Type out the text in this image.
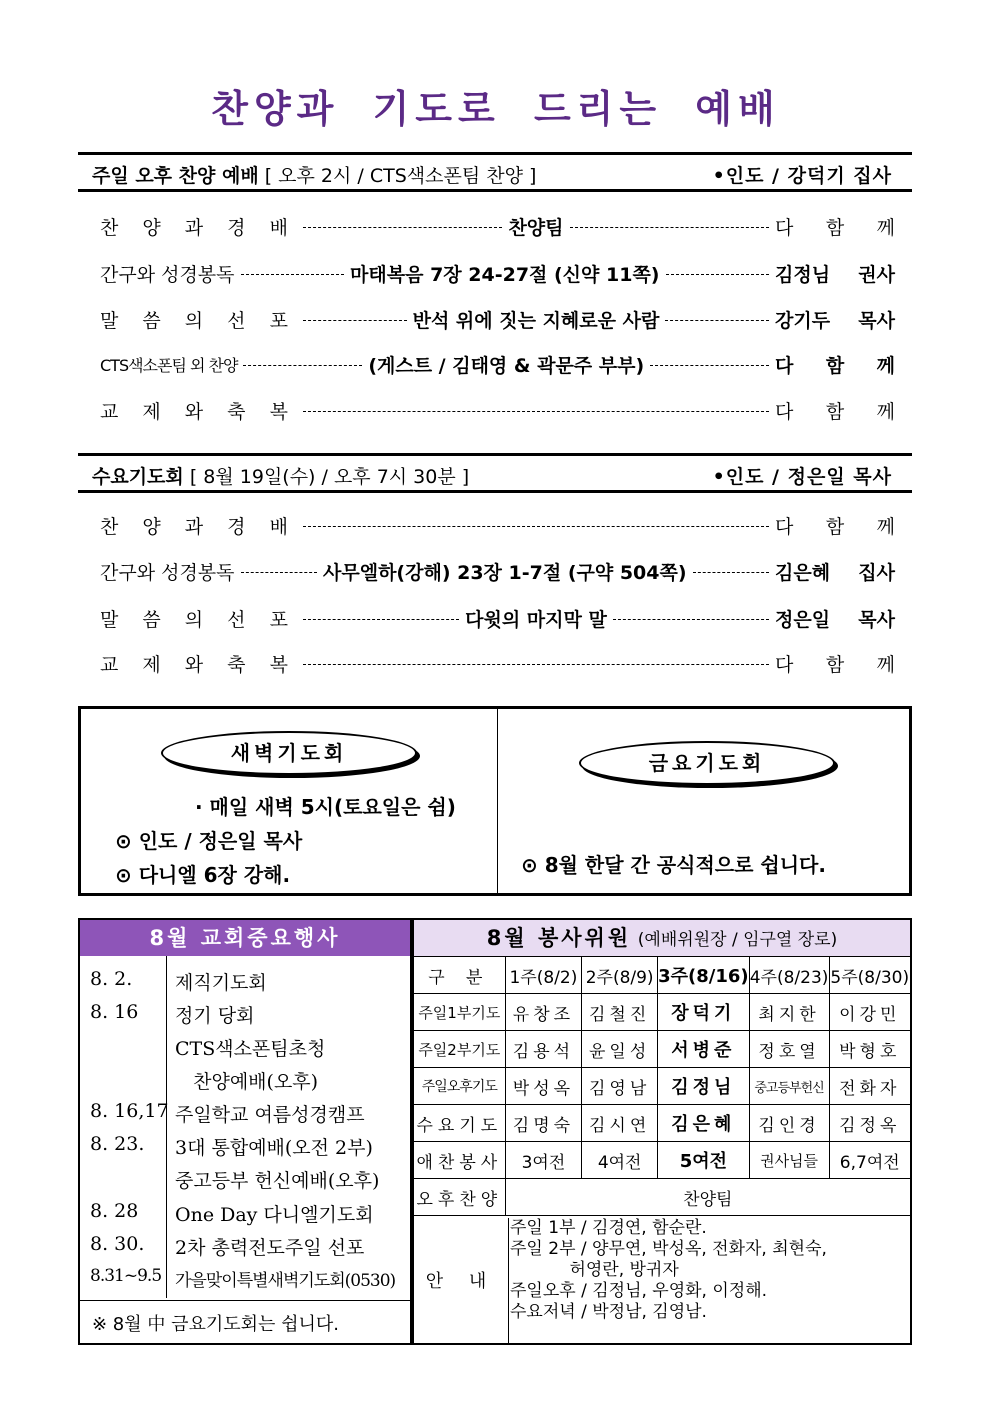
찬양과 기도로 드리는 예배
주일 오후 찬양 예배 [ 오후 2시 / CTS색소폰팀 찬양 ]	•인도 / 강덕기 집사
찬 양 과 경 배	찬양팀	다 함 께
간구와 성경봉독	마태복음 7장 24-27절 (신약 11쪽)	김정님 권사
말 씀 의 선 포	반석 위에 짓는 지혜로운 사람	강기두 목사
CTS색소폰팀 외 찬양	(게스트 / 김태영 & 곽문주 부부)	다 함 께
교 제 와 축 복	다 함 께
수요기도회 [ 8월 19일(수) / 오후 7시 30분 ]	•인도 / 정은일 목사
찬 양 과 경 배	다 함 께
간구와 성경봉독	사무엘하(강해) 23장 1-7절 (구약 504쪽)	김은혜 집사
말 씀 의 선 포	다윗의 마지막 말	정은일 목사
교 제 와 축 복	다 함 께
새벽기도회
· 매일 새벽 5시(토요일은 쉼)
⊙ 인도 / 정은일 목사
⊙ 다니엘 6장 강해.
금요기도회
⊙ 8월 한달 간 공식적으로 쉽니다.
8월 교회중요행사
8. 2. 제직기도회
8. 16 정기 당회
CTS색소폰팀초청
찬양예배(오후)
8. 16,17 주일학교 여름성경캠프
8. 23. 3대 통합예배(오전 2부)
중고등부 헌신예배(오후)
8. 28 One Day 다니엘기도회
8. 30. 2차 총력전도주일 선포
8.31~9.5 가을맞이특별새벽기도회(0530)
※ 8월 中 금요기도회는 쉽니다.
8월 봉사위원 (예배위원장 / 임구열 장로)
구 분	1주(8/2)	2주(8/9)	3주(8/16)	4주(8/23)	5주(8/30)
주일1부기도	유창조	김철진	장덕기	최지한	이강민
주일2부기도	김용석	윤일성	서병준	정호열	박형호
주일오후기도	박성옥	김영남	김정님	중고등부헌신	전화자
수요기도	김명숙	김시연	김은혜	김인경	김정옥
애찬봉사	3여전	4여전	5여전	권사님들	6,7여전
오후찬양	찬양팀				
안 내
주일 1부 / 김경연, 함순란.
주일 2부 / 양무연, 박성옥, 전화자, 최현숙,
허영란, 방귀자
주일오후 / 김정님, 우영화, 이정해.
수요저녁 / 박정남, 김영남.
